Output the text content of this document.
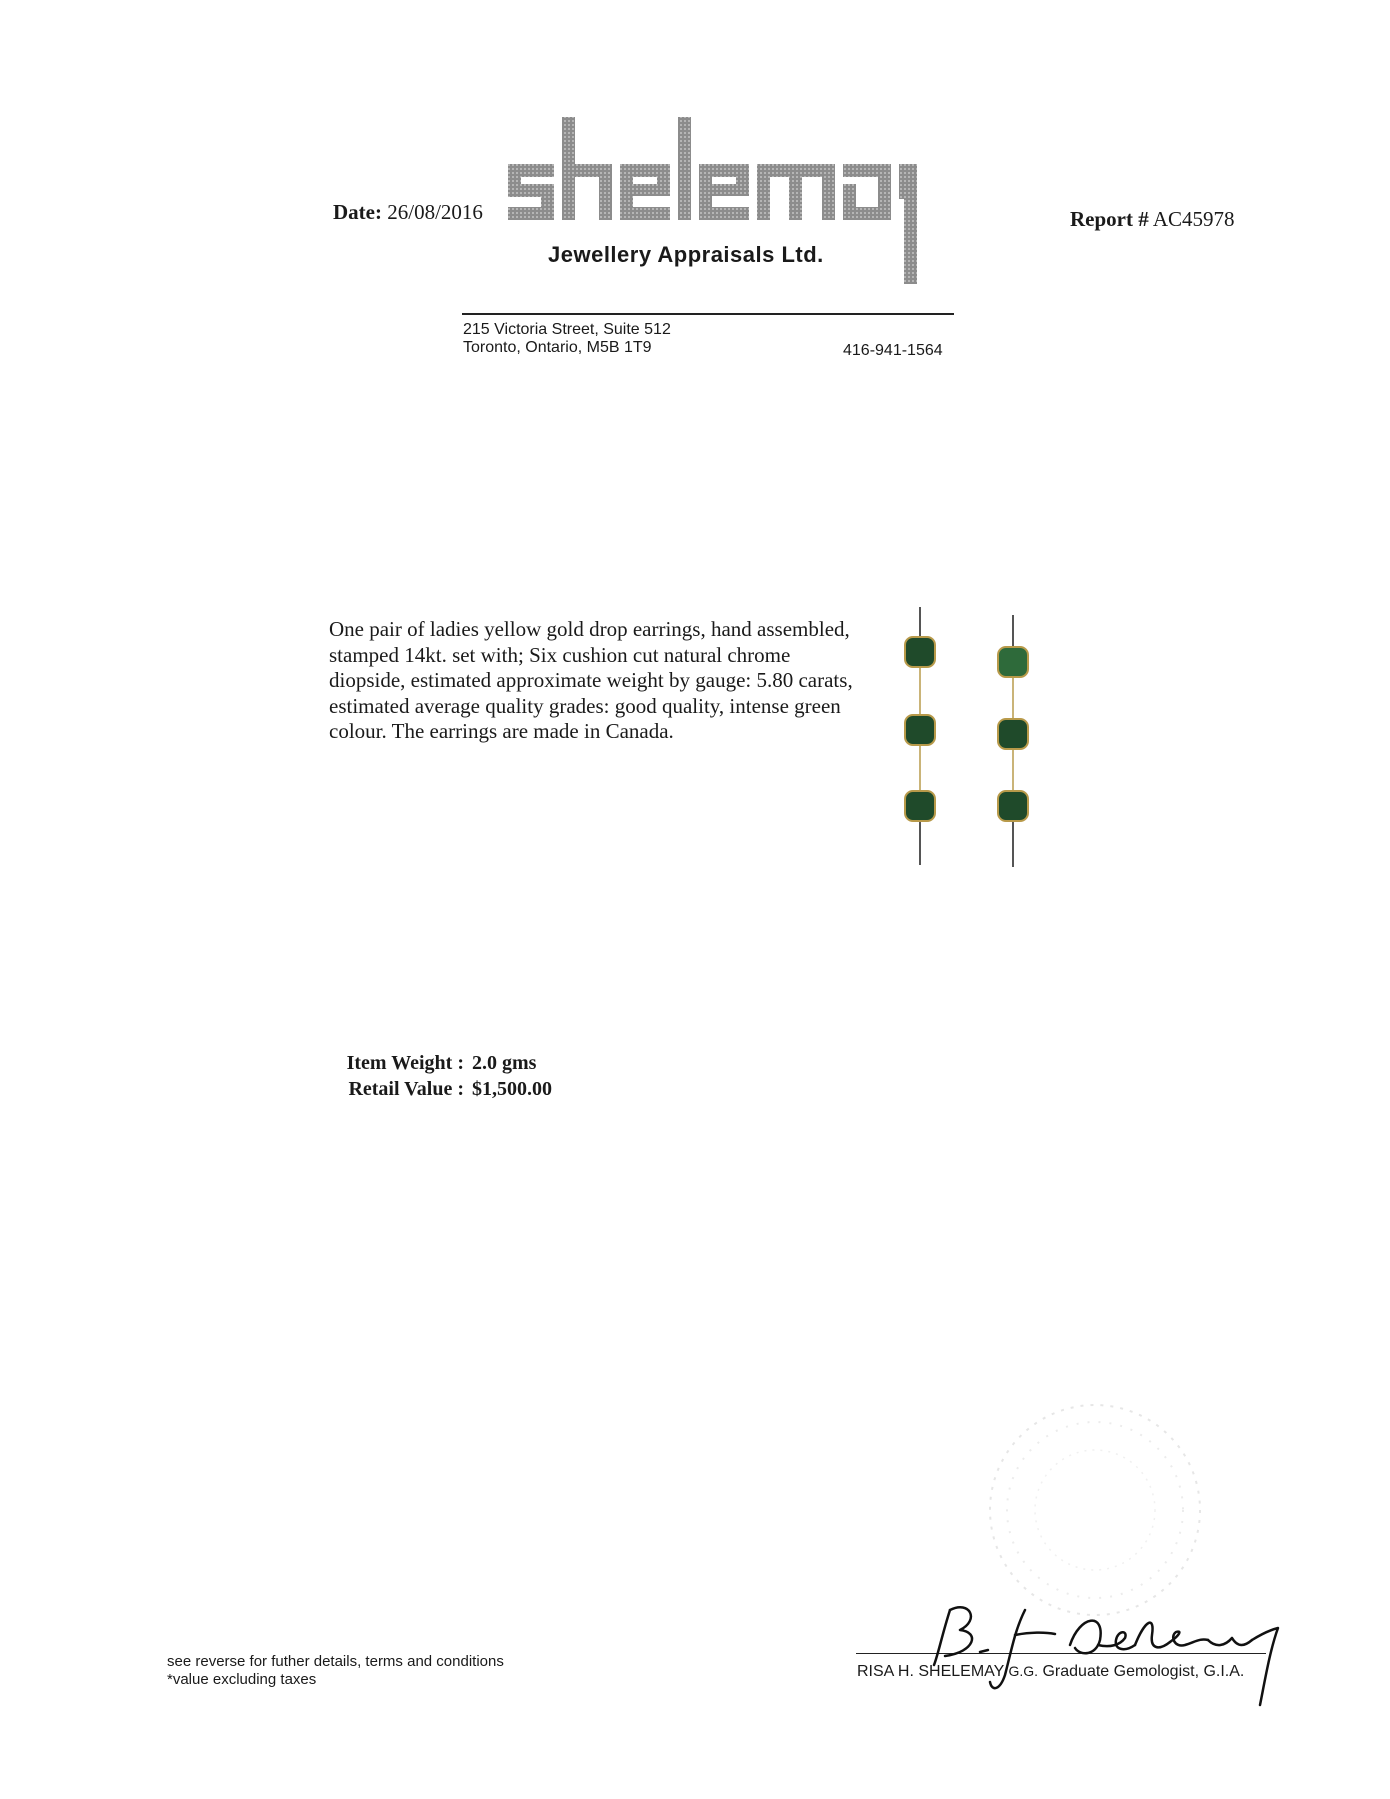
Date: 26/08/2016
Jewellery Appraisals Ltd.
Report # AC45978
215 Victoria Street, Suite 512
Toronto, Ontario, M5B 1T9	416-941-1564
One pair of ladies yellow gold drop earrings, hand assembled, stamped 14kt. set with; Six cushion cut natural chrome diopside, estimated approximate weight by gauge: 5.80 carats, estimated average quality grades: good quality, intense green colour. The earrings are made in Canada.
Item Weight : 2.0 gms
Retail Value : $1,500.00
see reverse for futher details, terms and conditions
*value excluding taxes	RISA H. SHELEMAY G.G. Graduate Gemologist, G.I.A.
